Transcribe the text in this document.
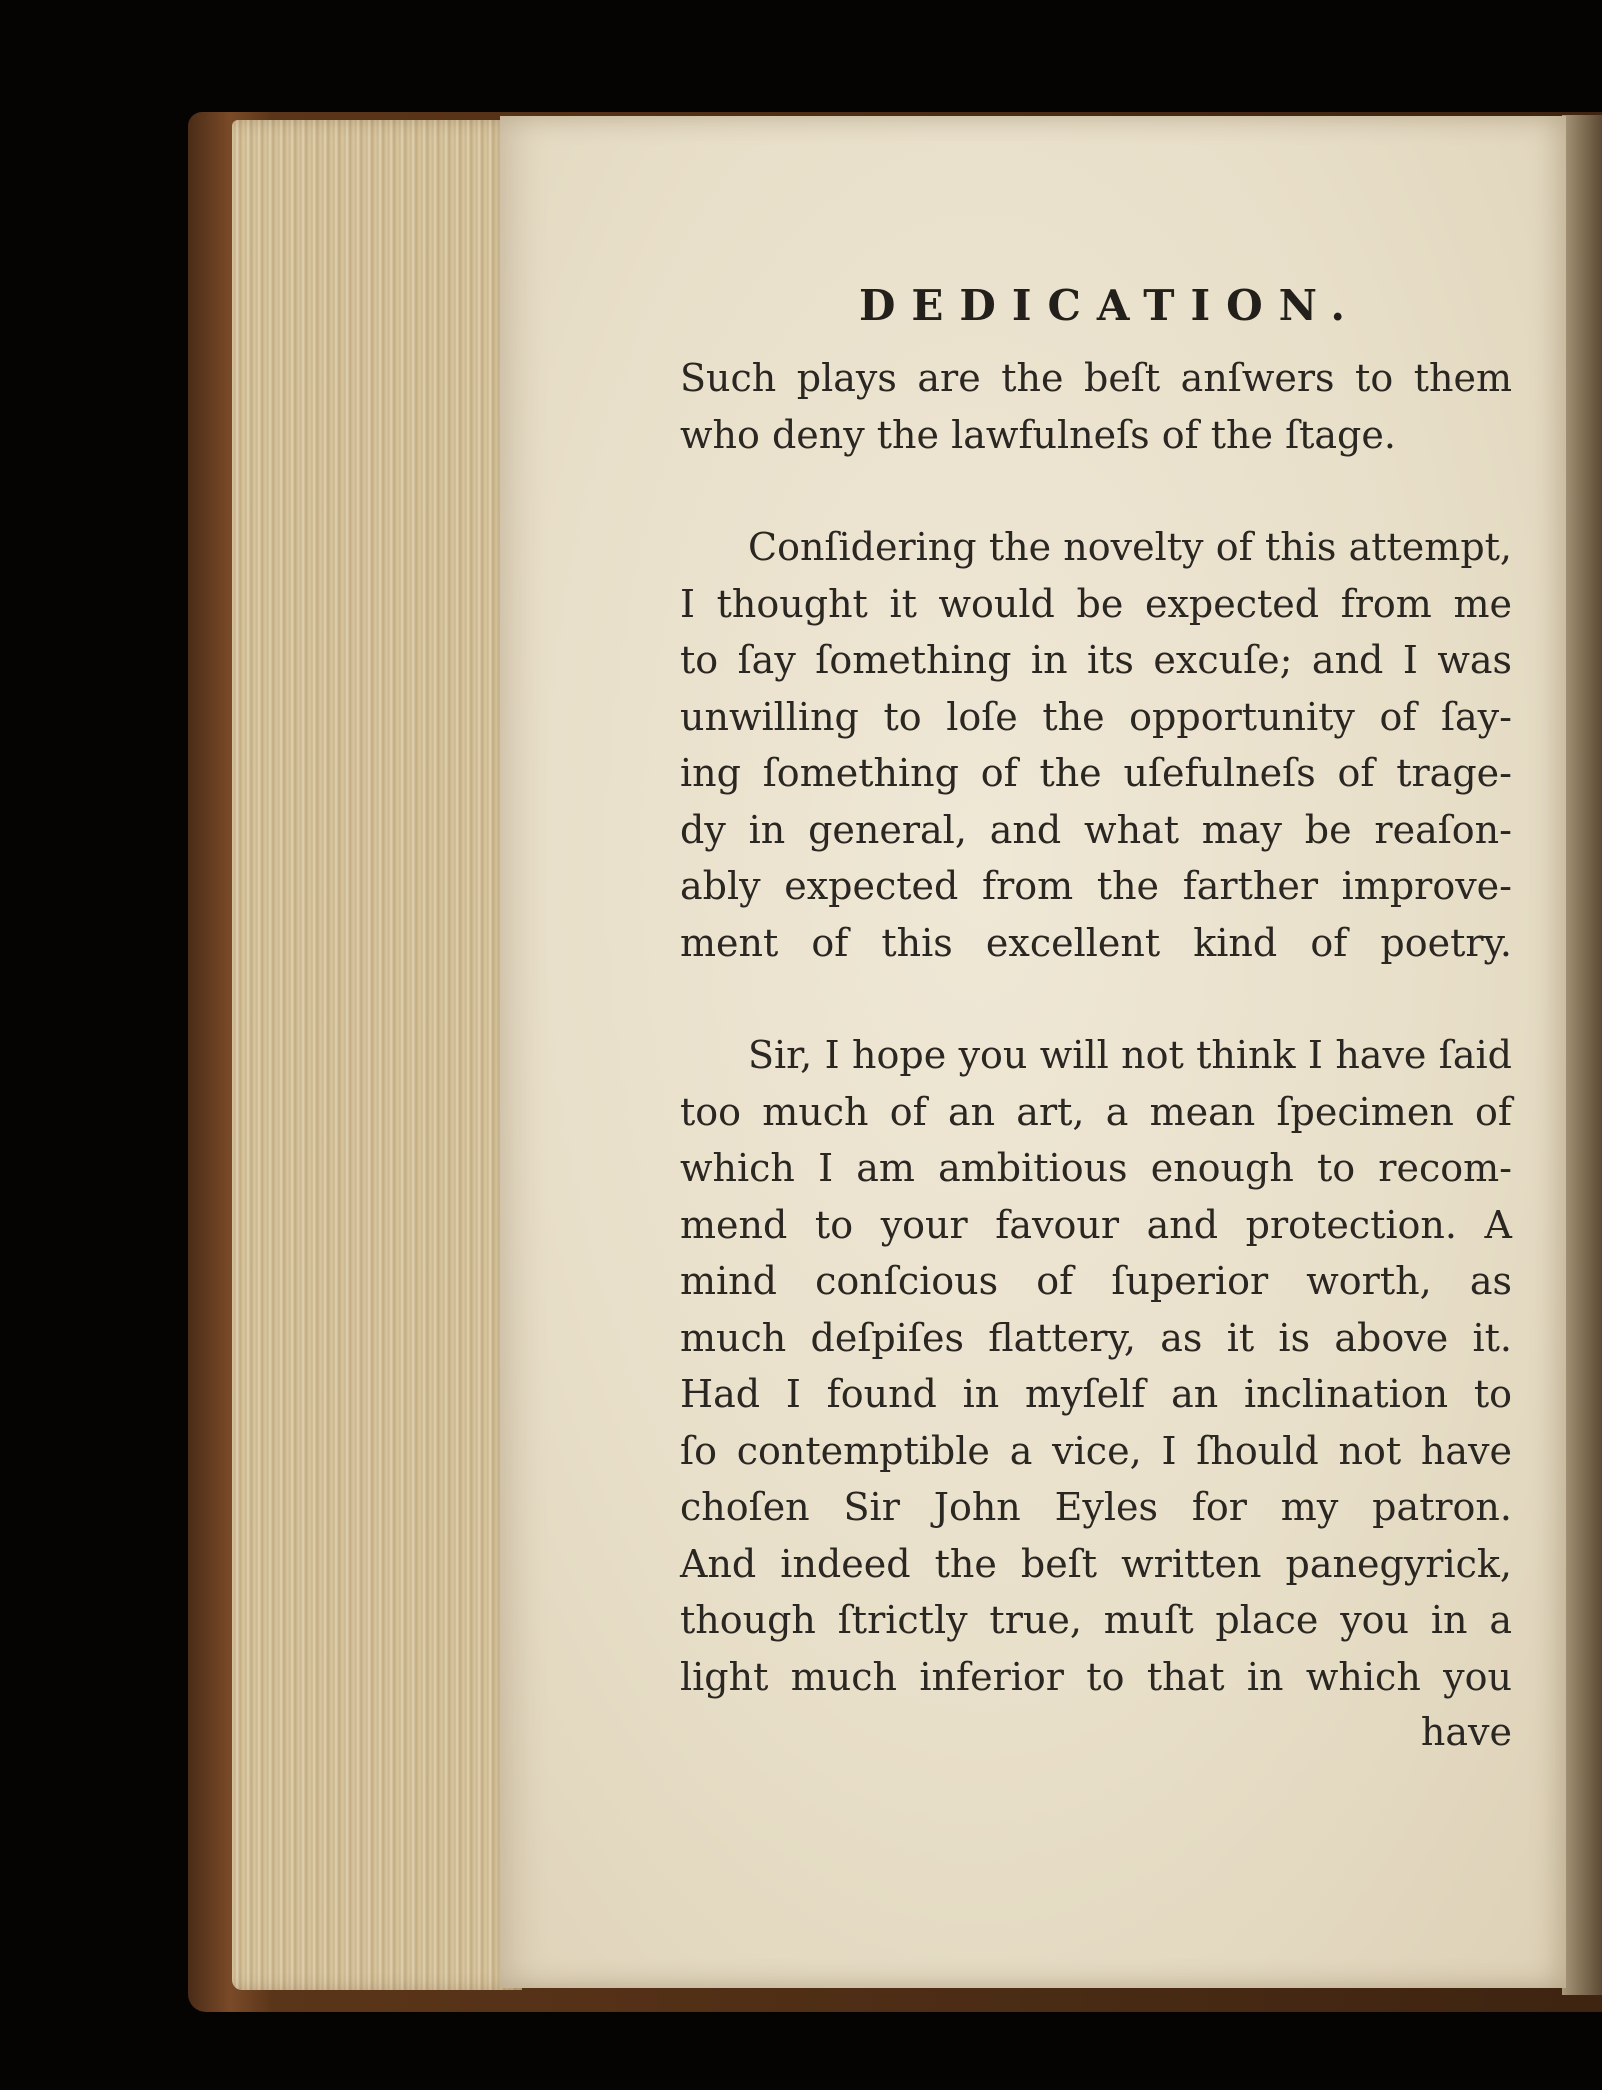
DEDICATION.
Such plays are the beſt anſwers to them
who deny the lawfulneſs of the ſtage.
Conſidering the novelty of this attempt,
I thought it would be expected from me
to ſay ſomething in its excuſe; and I was
unwilling to loſe the opportunity of ſay-
ing ſomething of the uſefulneſs of trage-
dy in general, and what may be reaſon-
ably expected from the farther improve-
ment of this excellent kind of poetry.
Sir, I hope you will not think I have ſaid
too much of an art, a mean ſpecimen of
which I am ambitious enough to recom-
mend to your favour and protection. A
mind conſcious of ſuperior worth, as
much deſpiſes flattery, as it is above it.
Had I found in myſelf an inclination to
ſo contemptible a vice, I ſhould not have
choſen Sir John Eyles for my patron.
And indeed the beſt written panegyrick,
though ſtrictly true, muſt place you in a
light much inferior to that in which you
have
